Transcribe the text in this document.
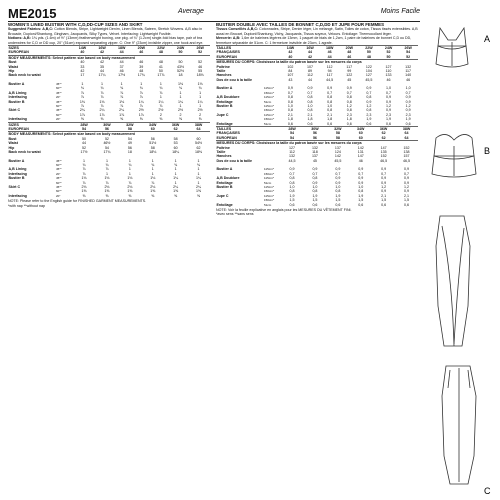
ME2015	Average	Moins Facile
WOMEN'S LINED BUSTIER WITH C,D,DD-CUP SIZES AND SKIRT

Suggested Fabrics: A,B,C: Cotton Blends, Stripe, Lightweight Denim, Linen Blends, Sateen, Stretch Wovens. A,B also in Brocade, Dupioni/Shantung, Gingham, Jacquards, Silky Types, Velvet. Interfacing: Lightweight Fusible.

Notions: A,B: 1¾ yds. (1.6m) of ½" (13mm) featherweight boning, one pkg. of ¾" (1.2cm) single-fold bias tape, pair of bra underwires for C,D or DD cup, 20" (51cm) exposed separating zipper. C: One 9" (23cm) invisible zipper, one hook and eye.

SIZES		14W	16W	18W	20W	22W	24W	26W
EUROPEAN		40	42	44	46	48	50	52
BODY MEASUREMENTS: Select pattern size based on body measurement								
Bust		40	42	44	46	48	50	52
Waist		33	35	37	39	41	43½	46
Hip		42	44	46	48	50	52½	55
Back neck to waist		17	17¼	17½	17¾	17⅞	18	18⅛

Bustier A	45"*	1	1	1	1	1	1⅛	1⅛
	60"*	¾	¾	¾	¾	¾	¾	¾
A,B Lining	45"*	⅞	⅞	⅞	⅞	⅞	1	1
Interfacing	20"	⅞	⅞	⅞	⅞	1	1	1
Bustier B	45"*	1⅛	1⅛	1⅛	1¼	1¼	1¼	1¼
	60"*	⅞	⅞	⅞	⅞	⅞	1	1
Skirt C	45"*	2¼	2¼	2¼	2½	2½	2½	2½
	60"*	1⅞	1⅞	1⅞	1⅞	2	2	2
Interfacing	20"	⅝	⅝	⅝	⅝	⅝	⅝	⅝
SIZES		28W	30W	32W	34W	36W	38W
EUROPEAN		54	56	58	60	62	64
BODY MEASUREMENTS: Select pattern size based on body measurement							
Bust		50	52	54	56	58	60
Waist		44	46½	49	51½	53	54½
Hip		52	54	56	58	60	62
Back neck to waist		17½	17¾	18	18⅛	18¼	18⅜

Bustier A	45"*	1	1	1	1	1	1
	60"*	¾	¾	¾	¾	¾	¾
A,B Lining	45"*	⅞	⅞	1	1	1	1
Interfacing	20"	⅞	1	1	1	1	1
Bustier B	45"*	1⅛	1⅛	1⅛	1⅛	1¼	1¼
	60"*	⅞	⅞	⅞	⅞	1	1
Skirt C	45"*	2⅛	2⅛	2⅛	2⅛	2¼	2¼
	60"*	1⅝	1⅝	1⅝	1⅝	1⅝	1⅝
Interfacing	20"	⅝	⅝	⅝	⅝	⅝	⅝
NOTE: Please refer to the English guide for FINISHED GARMENT MEASUREMENTS.
*with nap **without nap
BUSTIER DOUBLE AVEC TAILLES DE BONNET C,D,DD ET JUPE POUR FEMMES

Tissus Conseillés A,B,C: Cotonnades, Stripe, Denim léger, Lin mélangé, Satin, Toiles de coton, Tissus tissés extensibles. A,B aussi en Brocart, Dupioni/Shantung, Vichy, Jacquards, Tissus soyeux, Velours. Entoilage: Thermocollant léger.

Mercerie: A,B: 1,6m de baleines légères de 13mm, 1 paquet de biais de 1,2cm, 1 paire de baleines de bonnet C,D ou DD, fermeture séparable de 51cm. C: 1 fermeture invisible de 23cm, 1 agrafe.

TAILLES		14W	16W	18W	20W	22W	24W	26W
FRANÇAISES		42	44	46	48	50	52	54
EUROPEAN		40	42	44	46	48	50	52
MESURES DU CORPS: Choisissez la taille du patron basée sur les mesures du corps								
Poitrine		102	107	112	117	122	127	132
Taille		84	89	94	99	104	110	117
Hanches		107	112	117	122	127	133	140
Dos de cou à la taille		43	44	44,5	45	45,5	46	46

Bustier A	115cm*	0,9	0,9	0,9	0,9	0,9	1,0	1,0
	150cm*	0,7	0,7	0,7	0,7	0,7	0,7	0,7
A,B Doublure	115cm*	0,8	0,8	0,8	0,8	0,8	0,9	0,9
Entoilage	51cm	0,8	0,8	0,8	0,8	0,9	0,9	0,9
Bustier B	115cm*	1,0	1,0	1,0	1,2	1,2	1,2	1,2
	150cm*	0,8	0,8	0,8	0,8	0,8	0,9	0,9
Jupe C	115cm*	2,1	2,1	2,1	2,3	2,3	2,3	2,3
	150cm*	1,8	1,8	1,8	1,8	1,9	1,9	1,9
Entoilage	51cm	0,6	0,6	0,6	0,6	0,6	0,6	0,6
TAILLES		28W	30W	32W	34W	36W	38W
FRANÇAISES		54	56	58	60	62	64
EUROPEAN		54	56	58	60	62	64
MESURES DU CORPS: Choisissez la taille du patron basée sur les mesures du corps							
Poitrine		127	132	137	142	147	152
Taille		112	118	124	131	135	138
Hanches		132	137	142	147	152	157
Dos de cou à la taille		44,5	45	45,5	46	46,5	46,5

Bustier A	115cm*	0,9	0,9	0,9	0,9	0,9	0,9
	150cm*	0,7	0,7	0,7	0,7	0,7	0,7
A,B Doublure	115cm*	0,8	0,8	0,9	0,9	0,9	0,9
Entoilage	51cm	0,8	0,9	0,9	0,9	0,9	0,9
Bustier B	115cm*	1,0	1,0	1,0	1,0	1,2	1,2
	150cm*	0,8	0,8	0,8	0,8	0,9	0,9
Jupe C	115cm*	1,9	1,9	1,9	1,9	2,1	2,1
	150cm*	1,5	1,5	1,5	1,5	1,5	1,5
Entoilage	51cm	0,6	0,6	0,6	0,6	0,6	0,6
NOTE: Voir la feuille explicative en anglais pour les MESURES DU VÊTEMENT FINI.
*avec sens **sans sens
A
B
C
